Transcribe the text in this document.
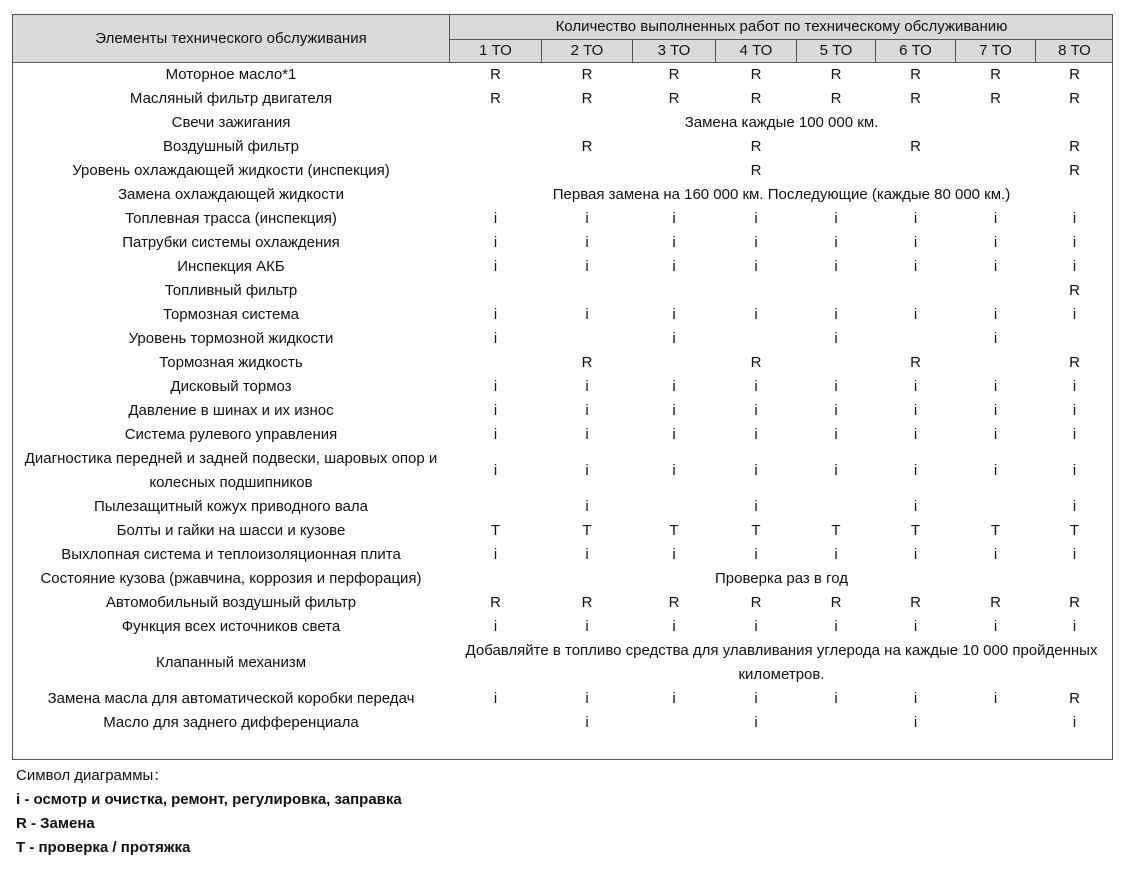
Элементы технического обслуживания	Количество выполненных работ по техническому обслуживанию							
	1 ТО	2 ТО	3 ТО	4 ТО	5 ТО	6 ТО	7 ТО	8 ТО
Моторное масло*1	R	R	R	R	R	R	R	R
Масляный фильтр двигателя	R	R	R	R	R	R	R	R
Свечи зажигания	Замена каждые 100 000 км.							
Воздушный фильтр		R		R		R		R
Уровень охлаждающей жидкости (инспекция)				R				R
Замена охлаждающей жидкости	Первая замена на 160 000 км. Последующие (каждые 80 000 км.)							
Топлевная трасса (инспекция)	i	i	i	i	i	i	i	i
Патрубки системы охлаждения	i	i	i	i	i	i	i	i
Инспекция АКБ	i	i	i	i	i	i	i	i
Топливный фильтр								R
Тормозная система	i	i	i	i	i	i	i	i
Уровень тормозной жидкости	i		i		i		i	
Тормозная жидкость		R		R		R		R
Дисковый тормоз	i	i	i	i	i	i	i	i
Давление в шинах и их износ	i	i	i	i	i	i	i	i
Система рулевого управления	i	i	i	i	i	i	i	i
Диагностика передней и задней подвески, шаровых опор и колесных подшипников	i	i	i	i	i	i	i	i
Пылезащитный кожух приводного вала		i		i		i		i
Болты и гайки на шасси и кузове	T	T	T	T	T	T	T	T
Выхлопная система и теплоизоляционная плита	i	i	i	i	i	i	i	i
Состояние кузова (ржавчина, коррозия и перфорация)	Проверка раз в год							
Автомобильный воздушный фильтр	R	R	R	R	R	R	R	R
Функция всех источников света	i	i	i	i	i	i	i	i
Клапанный механизм	Добавляйте в топливо средства для улавливания углерода на каждые 10 000 пройденных километров.							
Замена масла для автоматической коробки передач	i	i	i	i	i	i	i	R
Масло для заднего дифференциала		i		i		i		i
Символ диаграммы：
i - осмотр и очистка, ремонт, регулировка, заправка
R - Замена
T - проверка / протяжка
